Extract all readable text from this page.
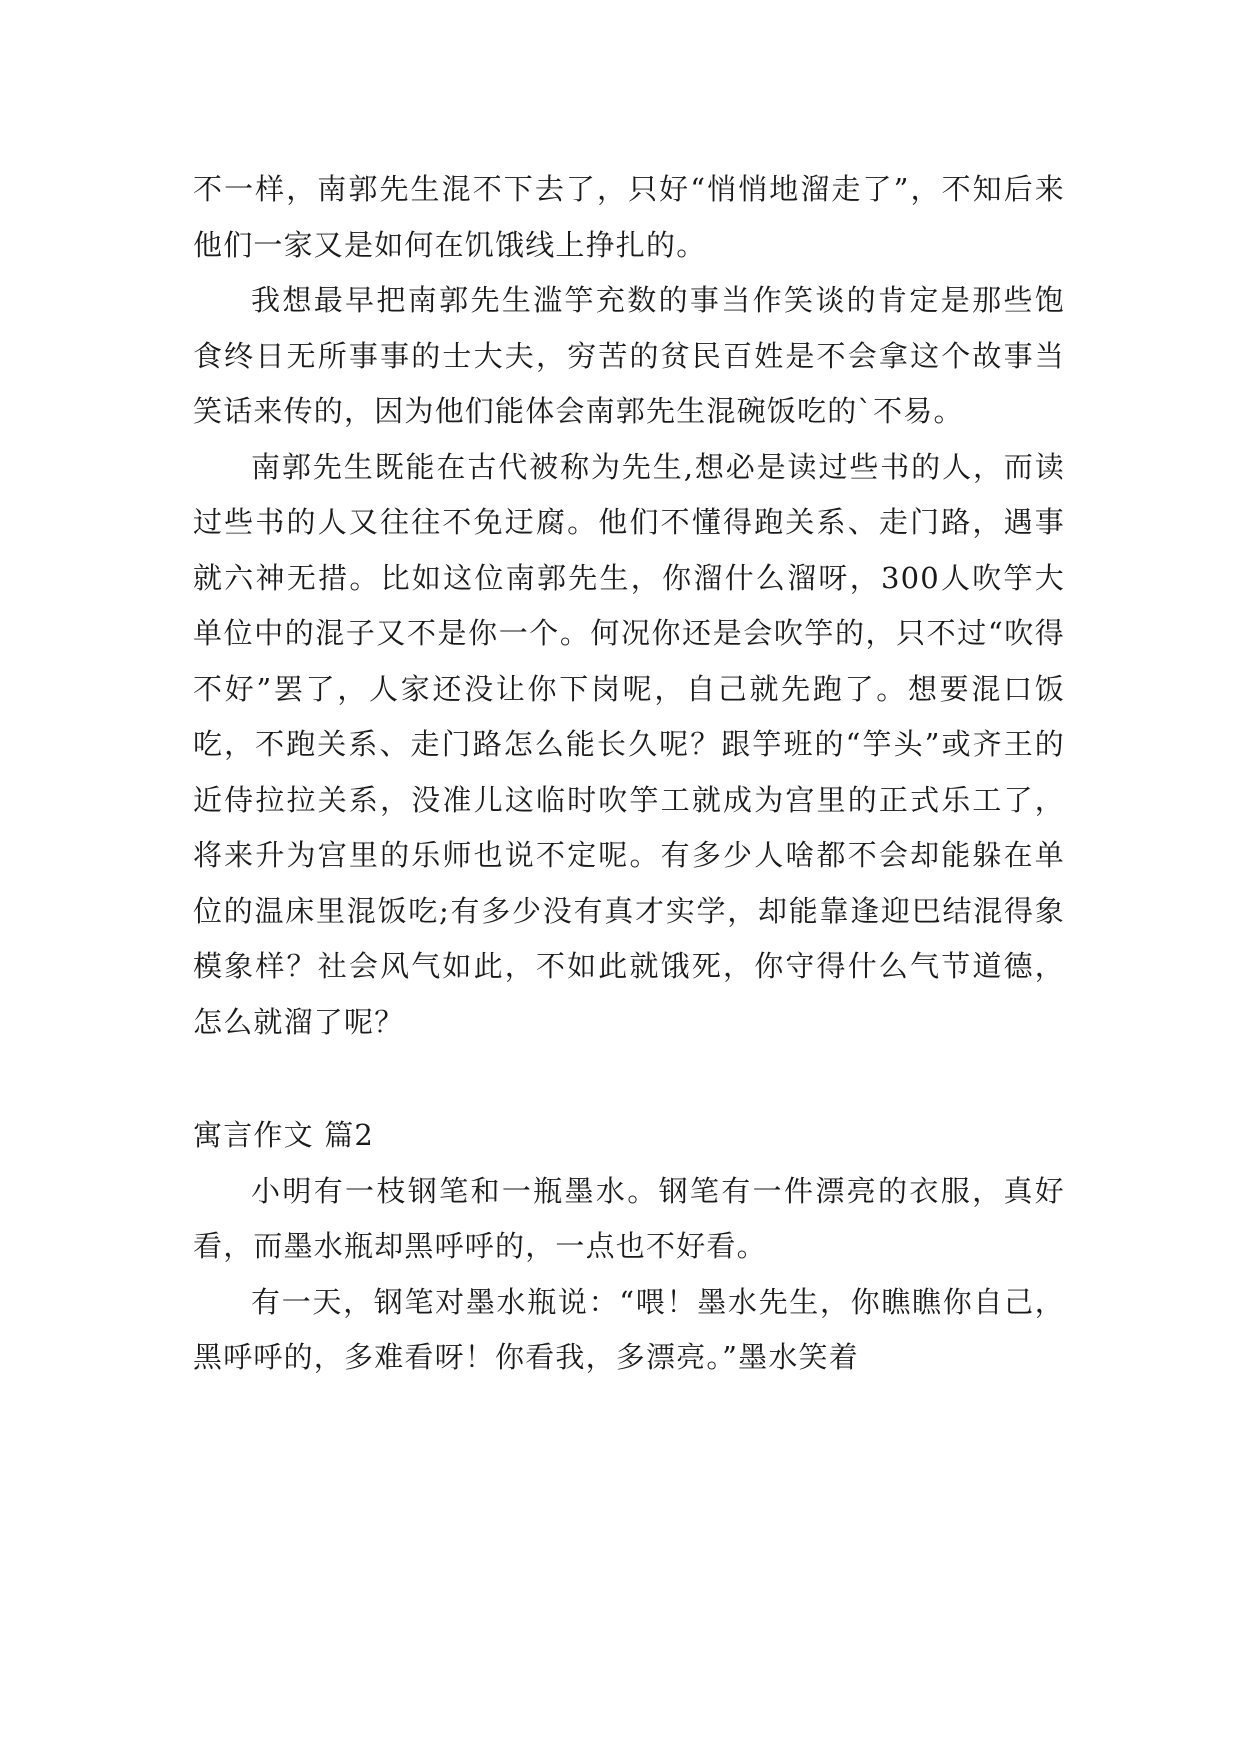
不一样，南郭先生混不下去了，只好“悄悄地溜走了”，不知后来他们一家又是如何在饥饿线上挣扎的。

我想最早把南郭先生滥竽充数的事当作笑谈的肯定是那些饱食终日无所事事的士大夫，穷苦的贫民百姓是不会拿这个故事当笑话来传的，因为他们能体会南郭先生混碗饭吃的`不易。

南郭先生既能在古代被称为先生,想必是读过些书的人，而读过些书的人又往往不免迂腐。他们不懂得跑关系、走门路，遇事就六神无措。比如这位南郭先生，你溜什么溜呀，300人吹竽大单位中的混子又不是你一个。何况你还是会吹竽的，只不过“吹得不好”罢了，人家还没让你下岗呢，自己就先跑了。想要混口饭吃，不跑关系、走门路怎么能长久呢？跟竽班的“竽头”或齐王的近侍拉拉关系，没准儿这临时吹竽工就成为宫里的正式乐工了，将来升为宫里的乐师也说不定呢。有多少人啥都不会却能躲在单位的温床里混饭吃;有多少没有真才实学，却能靠逢迎巴结混得象模象样？社会风气如此，不如此就饿死，你守得什么气节道德，怎么就溜了呢？

寓言作文 篇2

小明有一枝钢笔和一瓶墨水。钢笔有一件漂亮的衣服，真好看，而墨水瓶却黑呼呼的，一点也不好看。

有一天，钢笔对墨水瓶说：“喂！墨水先生，你瞧瞧你自己，黑呼呼的，多难看呀！你看我，多漂亮。”墨水笑着
